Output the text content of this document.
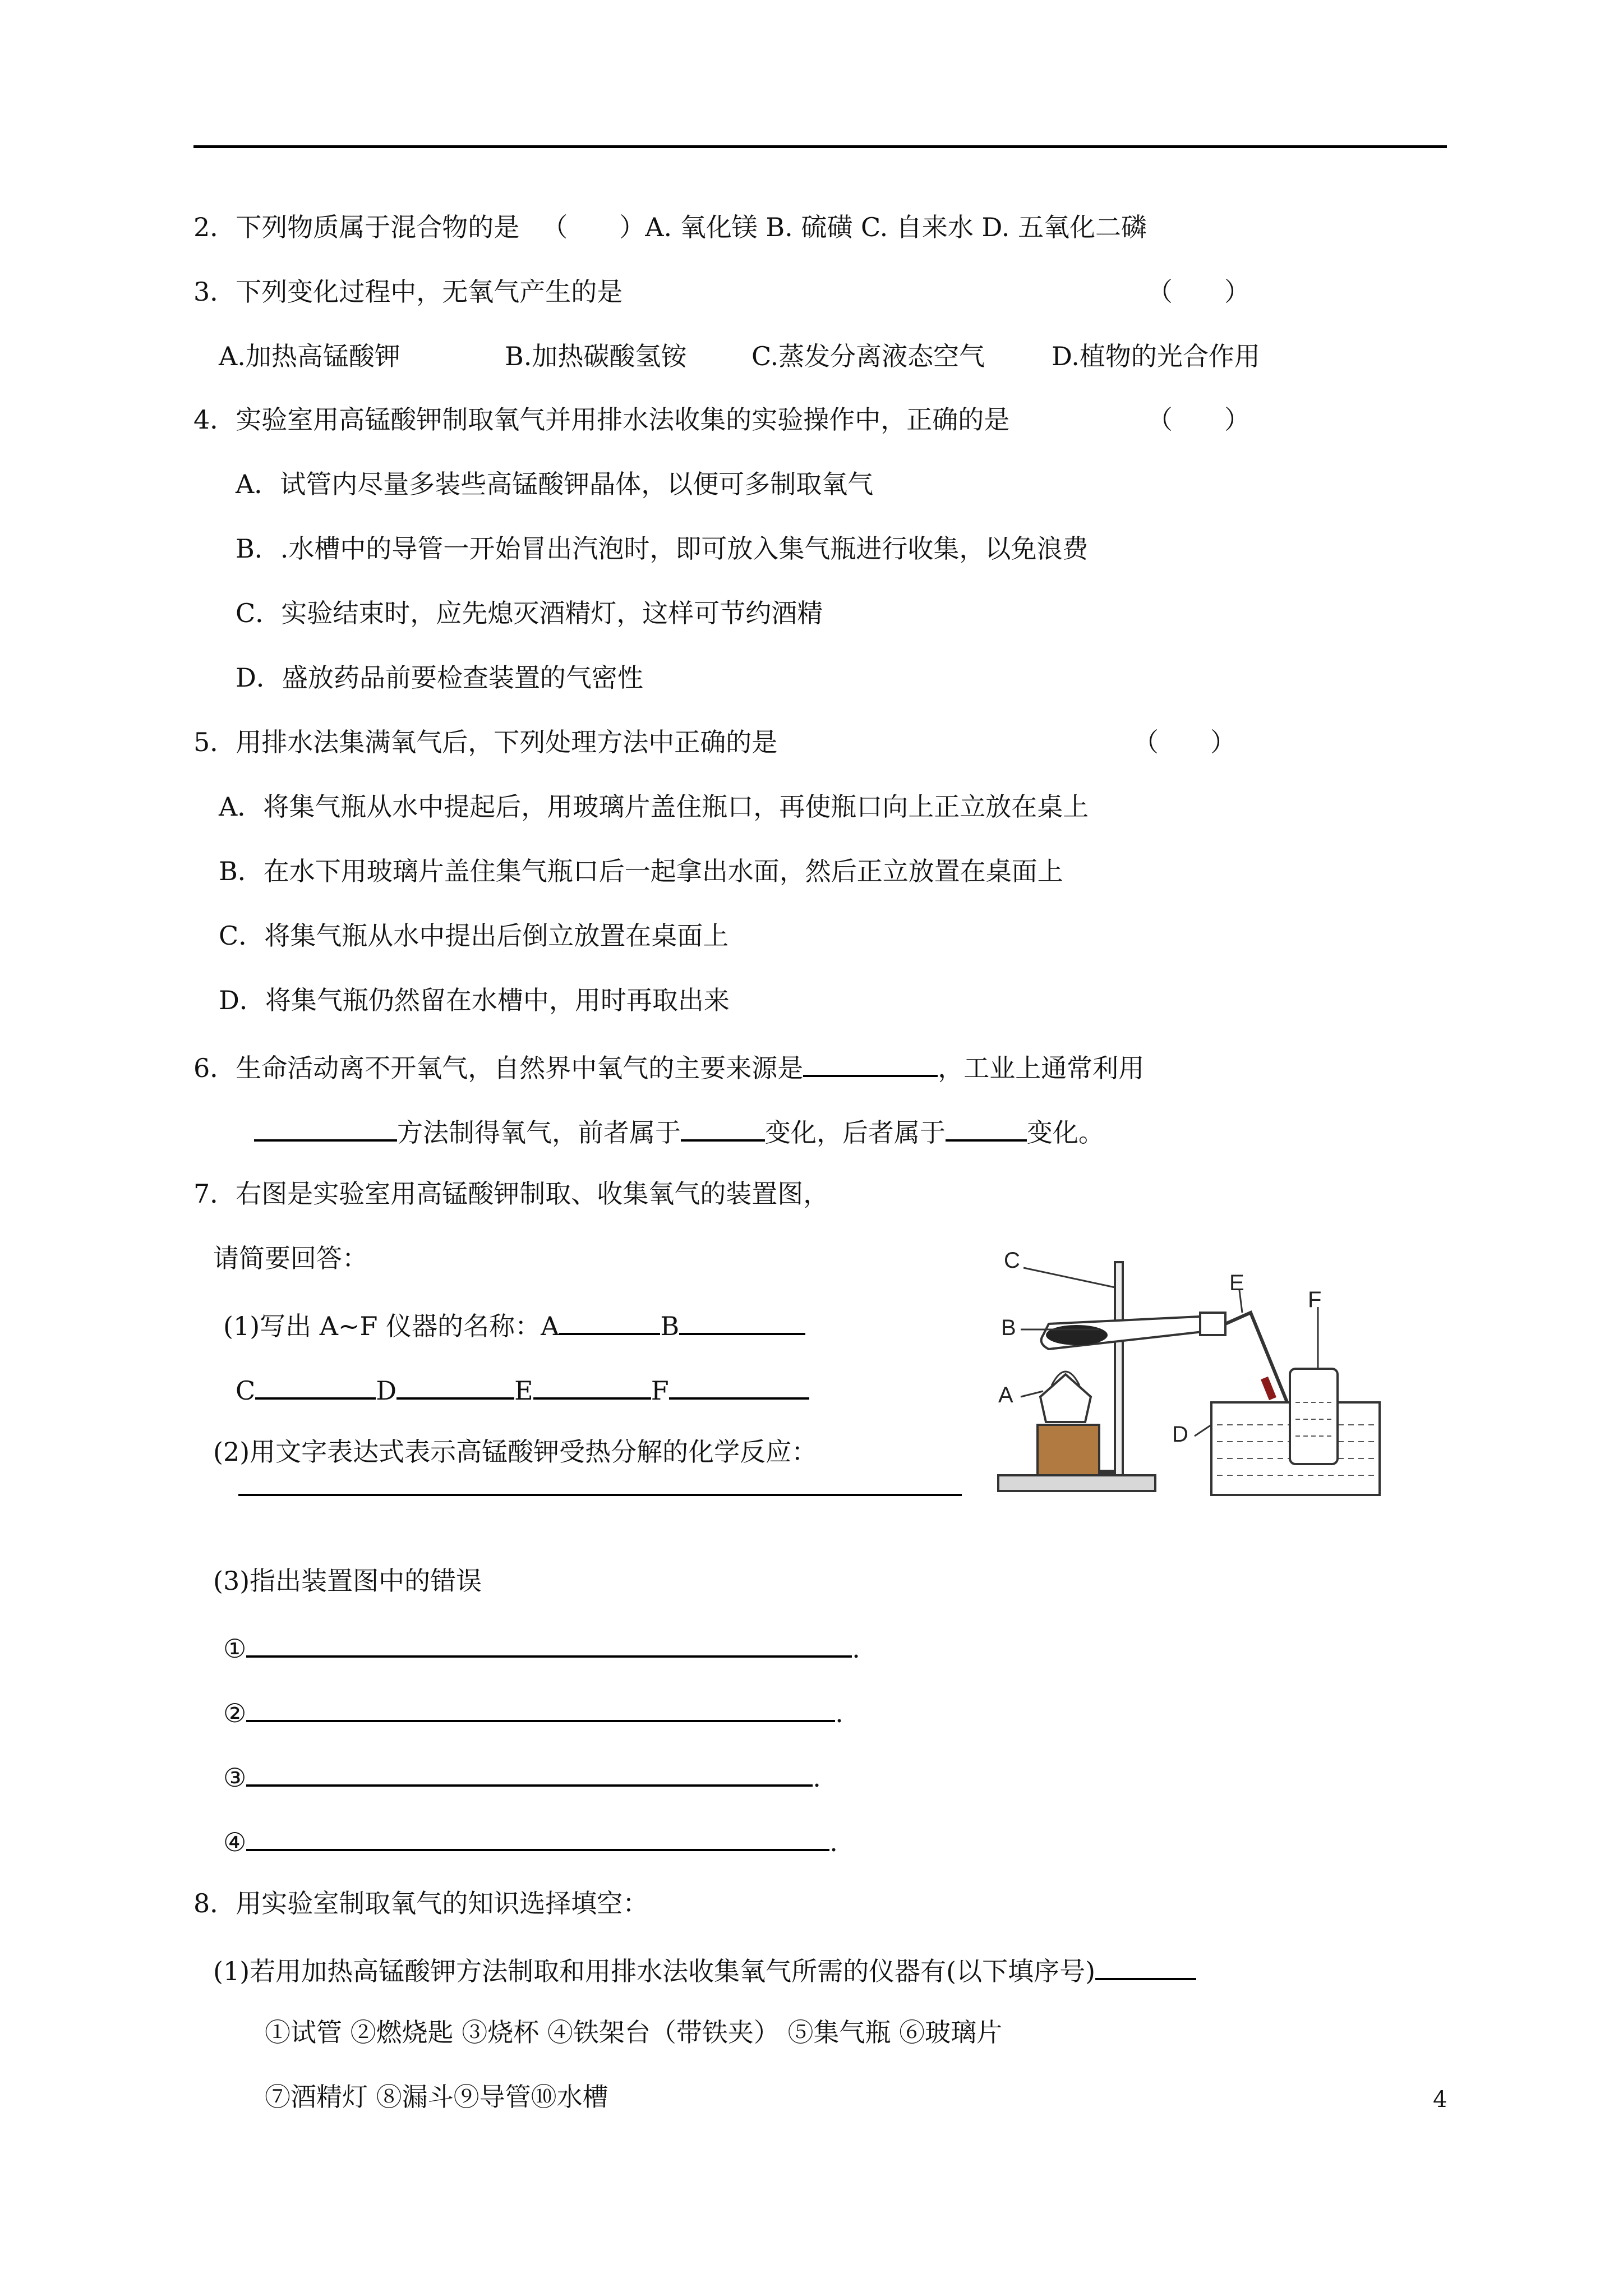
2．下列物质属于混合物的是 （　　）A. 氧化镁 B. 硫磺 C. 自来水 D. 五氧化二磷
3．下列变化过程中，无氧气产生的是	（　　）
A.加热高锰酸钾	B.加热碳酸氢铵	C.蒸发分离液态空气	D.植物的光合作用
4．实验室用高锰酸钾制取氧气并用排水法收集的实验操作中，正确的是	（　　）
A．试管内尽量多装些高锰酸钾晶体，以便可多制取氧气
B．.水槽中的导管一开始冒出汽泡时，即可放入集气瓶进行收集，以免浪费
C．实验结束时，应先熄灭酒精灯，这样可节约酒精
D．盛放药品前要检查装置的气密性
5．用排水法集满氧气后，下列处理方法中正确的是	（　　）
A．将集气瓶从水中提起后，用玻璃片盖住瓶口，再使瓶口向上正立放在桌上
B．在水下用玻璃片盖住集气瓶口后一起拿出水面，然后正立放置在桌面上
C．将集气瓶从水中提出后倒立放置在桌面上
D．将集气瓶仍然留在水槽中，用时再取出来
6．生命活动离不开氧气，自然界中氧气的主要来源是	，工业上通常利用
方法制得氧气，前者属于	变化，后者属于	变化。
7．右图是实验室用高锰酸钾制取、收集氧气的装置图，
请简要回答：
(1)写出 A~F 仪器的名称：A	B
C	D	E	F
(2)用文字表达式表示高锰酸钾受热分解的化学反应：
(3)指出装置图中的错误
①	.
②	.
③	.
④	.
C
B
A
D
E
F
8．用实验室制取氧气的知识选择填空：
(1)若用加热高锰酸钾方法制取和用排水法收集氧气所需的仪器有(以下填序号)
①试管 ②燃烧匙 ③烧杯 ④铁架台（带铁夹） ⑤集气瓶 ⑥玻璃片
⑦酒精灯 ⑧漏斗⑨导管⑩水槽	4
